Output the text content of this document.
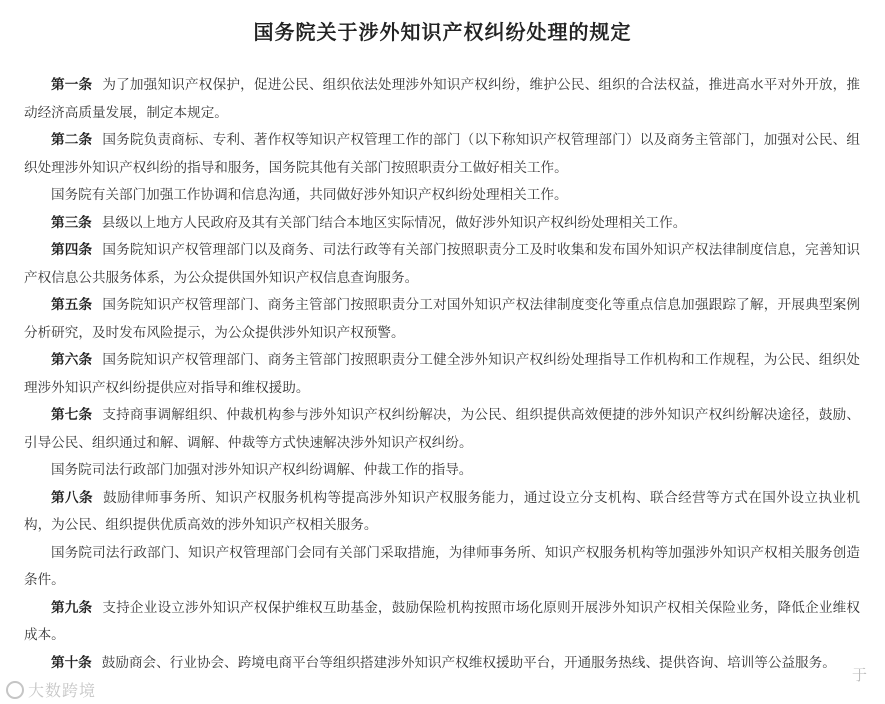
国务院关于涉外知识产权纠纷处理的规定

第一条 为了加强知识产权保护，促进公民、组织依法处理涉外知识产权纠纷，维护公民、组织的合法权益，推进高水平对外开放，推动经济高质量发展，制定本规定。

第二条 国务院负责商标、专利、著作权等知识产权管理工作的部门（以下称知识产权管理部门）以及商务主管部门，加强对公民、组织处理涉外知识产权纠纷的指导和服务，国务院其他有关部门按照职责分工做好相关工作。

国务院有关部门加强工作协调和信息沟通，共同做好涉外知识产权纠纷处理相关工作。

第三条 县级以上地方人民政府及其有关部门结合本地区实际情况，做好涉外知识产权纠纷处理相关工作。

第四条 国务院知识产权管理部门以及商务、司法行政等有关部门按照职责分工及时收集和发布国外知识产权法律制度信息，完善知识产权信息公共服务体系，为公众提供国外知识产权信息查询服务。

第五条 国务院知识产权管理部门、商务主管部门按照职责分工对国外知识产权法律制度变化等重点信息加强跟踪了解，开展典型案例分析研究，及时发布风险提示，为公众提供涉外知识产权预警。

第六条 国务院知识产权管理部门、商务主管部门按照职责分工健全涉外知识产权纠纷处理指导工作机构和工作规程，为公民、组织处理涉外知识产权纠纷提供应对指导和维权援助。

第七条 支持商事调解组织、仲裁机构参与涉外知识产权纠纷解决，为公民、组织提供高效便捷的涉外知识产权纠纷解决途径，鼓励、引导公民、组织通过和解、调解、仲裁等方式快速解决涉外知识产权纠纷。

国务院司法行政部门加强对涉外知识产权纠纷调解、仲裁工作的指导。

第八条 鼓励律师事务所、知识产权服务机构等提高涉外知识产权服务能力，通过设立分支机构、联合经营等方式在国外设立执业机构，为公民、组织提供优质高效的涉外知识产权相关服务。

国务院司法行政部门、知识产权管理部门会同有关部门采取措施，为律师事务所、知识产权服务机构等加强涉外知识产权相关服务创造条件。

第九条 支持企业设立涉外知识产权保护维权互助基金，鼓励保险机构按照市场化原则开展涉外知识产权相关保险业务，降低企业维权成本。

第十条 鼓励商会、行业协会、跨境电商平台等组织搭建涉外知识产权维权援助平台，开通服务热线、提供咨询、培训等公益服务。

大数跨境
于
